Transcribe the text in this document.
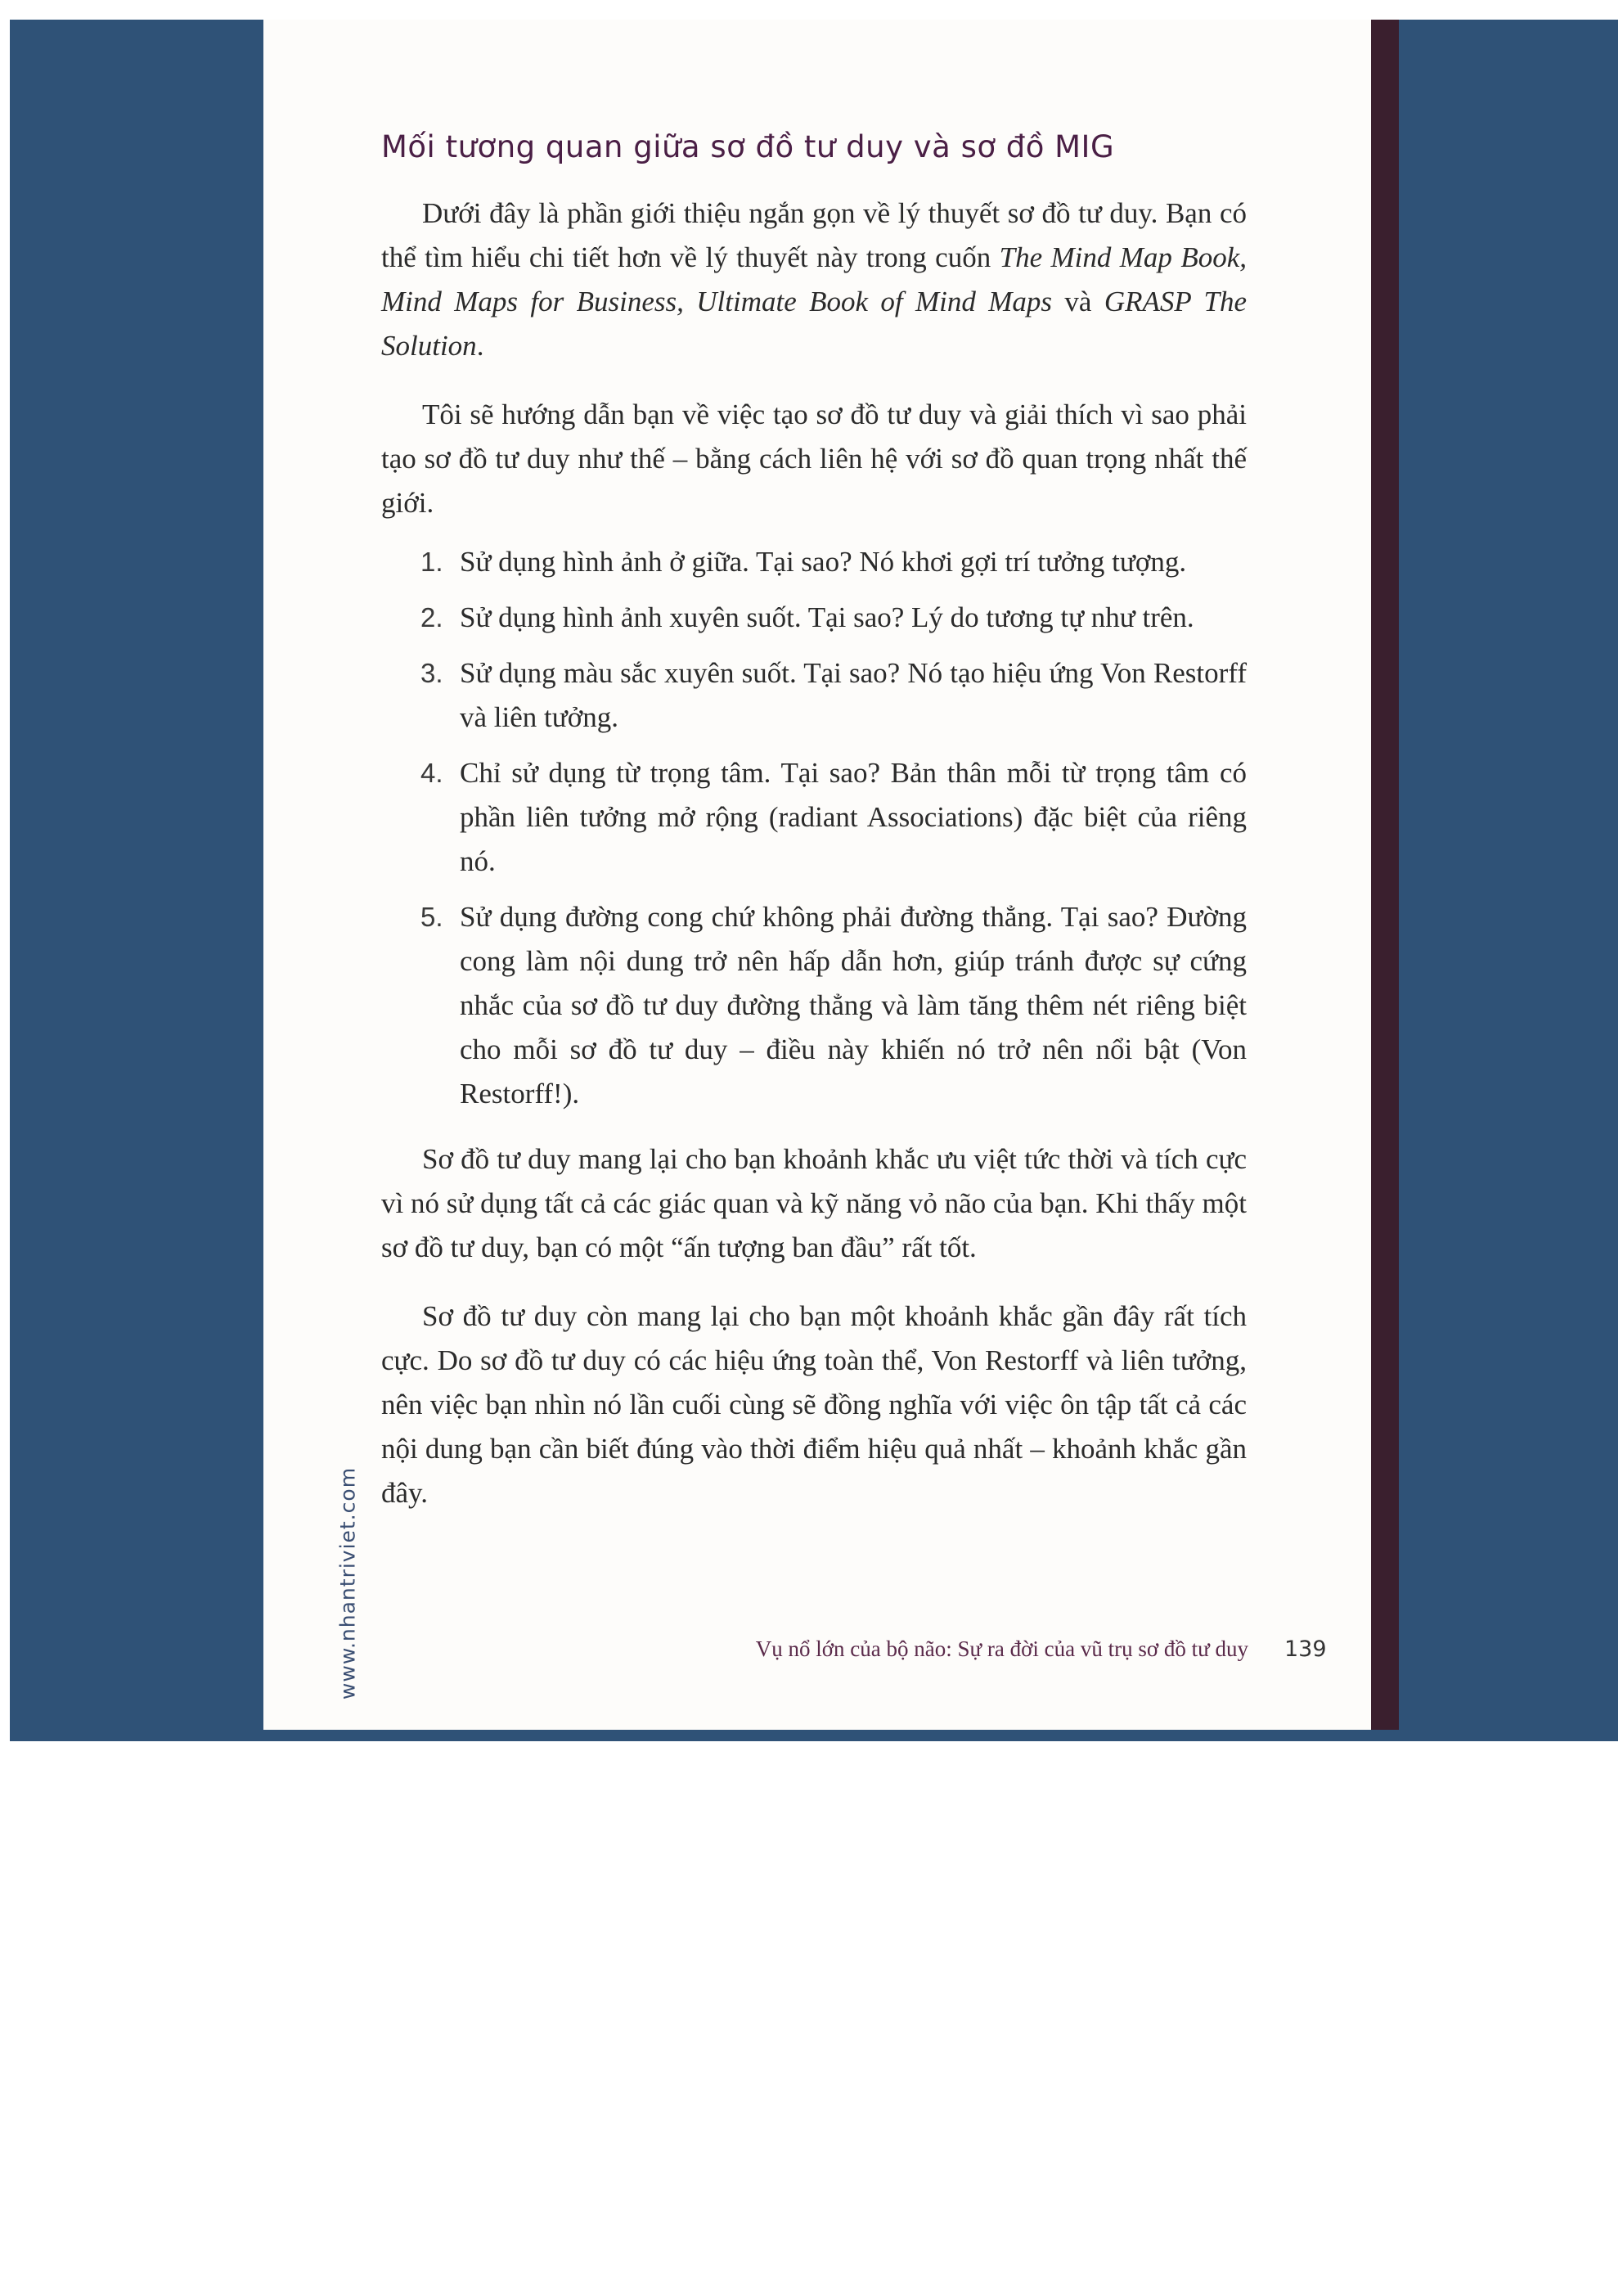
Mối tương quan giữa sơ đồ tư duy và sơ đồ MIG

Dưới đây là phần giới thiệu ngắn gọn về lý thuyết sơ đồ tư duy. Bạn có thể tìm hiểu chi tiết hơn về lý thuyết này trong cuốn The Mind Map Book, Mind Maps for Business, Ultimate Book of Mind Maps và GRASP The Solution.

Tôi sẽ hướng dẫn bạn về việc tạo sơ đồ tư duy và giải thích vì sao phải tạo sơ đồ tư duy như thế – bằng cách liên hệ với sơ đồ quan trọng nhất thế giới.

1. Sử dụng hình ảnh ở giữa. Tại sao? Nó khơi gợi trí tưởng tượng.
2. Sử dụng hình ảnh xuyên suốt. Tại sao? Lý do tương tự như trên.
3. Sử dụng màu sắc xuyên suốt. Tại sao? Nó tạo hiệu ứng Von Restorff và liên tưởng.
4. Chỉ sử dụng từ trọng tâm. Tại sao? Bản thân mỗi từ trọng tâm có phần liên tưởng mở rộng (radiant Associations) đặc biệt của riêng nó.
5. Sử dụng đường cong chứ không phải đường thẳng. Tại sao? Đường cong làm nội dung trở nên hấp dẫn hơn, giúp tránh được sự cứng nhắc của sơ đồ tư duy đường thẳng và làm tăng thêm nét riêng biệt cho mỗi sơ đồ tư duy – điều này khiến nó trở nên nổi bật (Von Restorff!).

Sơ đồ tư duy mang lại cho bạn khoảnh khắc ưu việt tức thời và tích cực vì nó sử dụng tất cả các giác quan và kỹ năng vỏ não của bạn. Khi thấy một sơ đồ tư duy, bạn có một “ấn tượng ban đầu” rất tốt.

Sơ đồ tư duy còn mang lại cho bạn một khoảnh khắc gần đây rất tích cực. Do sơ đồ tư duy có các hiệu ứng toàn thể, Von Restorff và liên tưởng, nên việc bạn nhìn nó lần cuối cùng sẽ đồng nghĩa với việc ôn tập tất cả các nội dung bạn cần biết đúng vào thời điểm hiệu quả nhất – khoảnh khắc gần đây.

www.nhantriviet.com	Vụ nổ lớn của bộ não: Sự ra đời của vũ trụ sơ đồ tư duy 139
